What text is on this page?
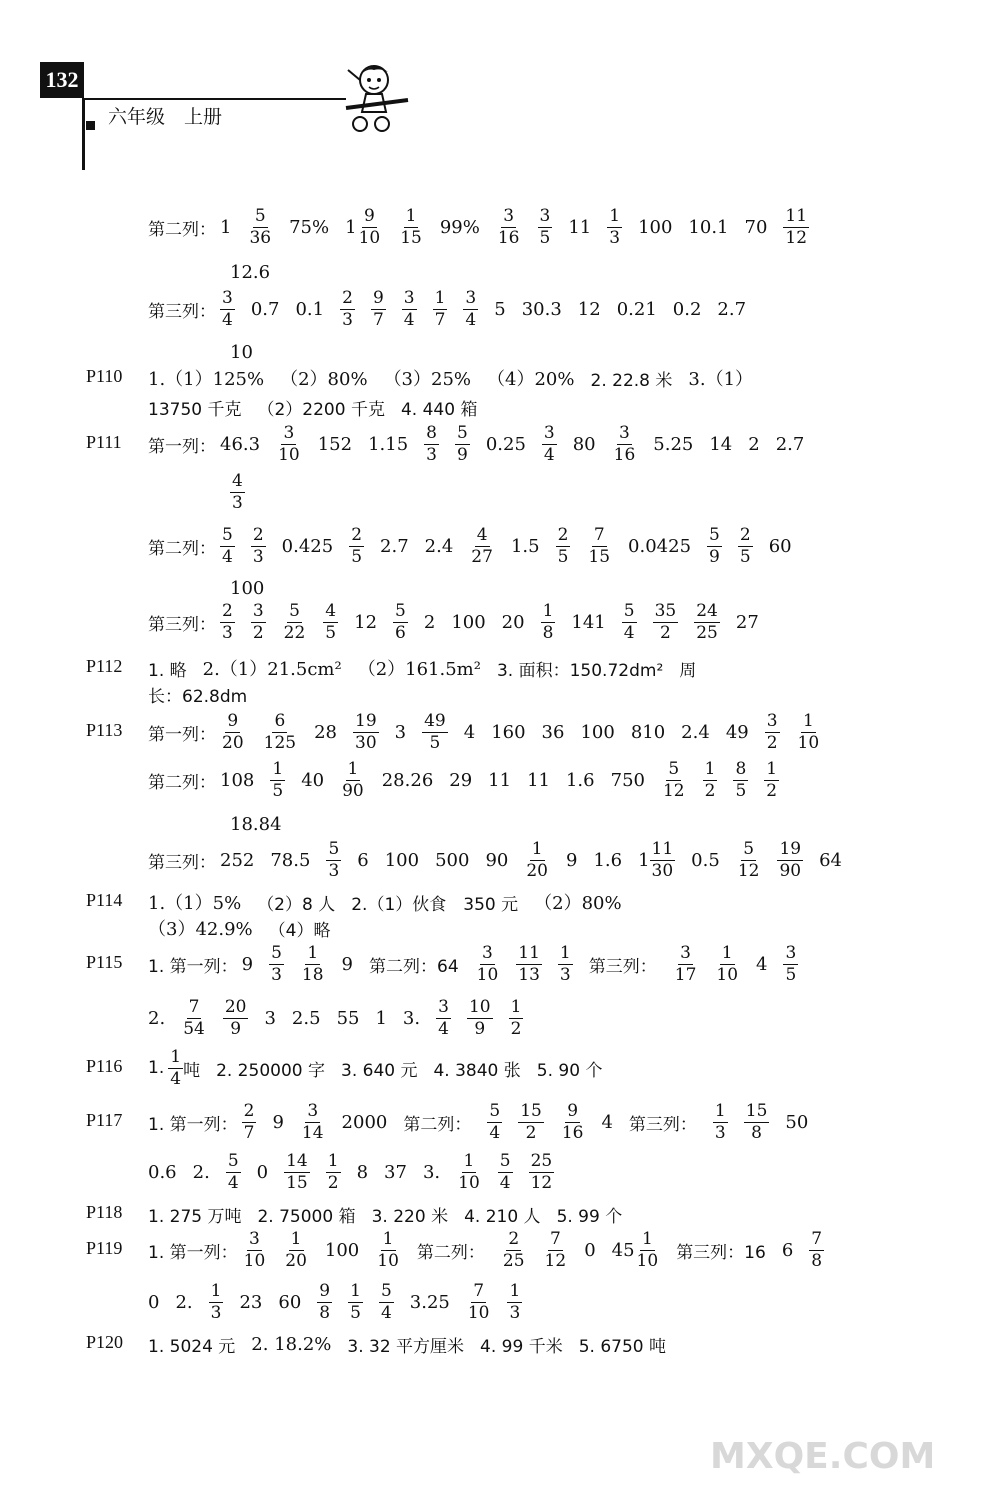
132
六年级　上册
第二列： $1 \frac{5}{36} 75\%$ $1 \frac{9}{10} \frac{1}{15} 99\% \frac{3}{16} \frac{3}{5} 11 \frac{1}{3} 100$ 10.1 $70 \frac{11}{12}$
12.6
第三列： $\frac{3}{4} 0.7$ $0.1 \frac{2}{3} \frac{9}{7} \frac{3}{4} \frac{1}{7} \frac{3}{4} 5$ 30.3 12 0.21 0.2 2.7
10
P110 1.（1）125% （2）80% （3）25% （4）20% 2. 22.8 米 3.（1）
13750 千克 （2）2200 千克 4. 440 箱
P111 第一列： $46.3 \frac{3}{10} 152$ $1.15 \frac{8}{3} \frac{5}{9} 0.25 \frac{3}{4} 80 \frac{3}{16} 5.25$ 14 2 2.7
$\frac{4}{3}$
第二列： $\frac{5}{4} \frac{2}{3} 0.425 \frac{2}{5} 2.7$ $2.4 \frac{4}{27} 1.5 \frac{2}{5} \frac{7}{15} 0.0425 \frac{5}{9} \frac{2}{5} 60$
100
第三列： $\frac{2}{3} \frac{3}{2} \frac{5}{22} \frac{4}{5} 12 \frac{5}{6} 2$ 100 $20 \frac{1}{8} 141 \frac{5}{4} \frac{35}{2} \frac{24}{25} 27$
P112 1. 略 2.（1）21.5cm² （2）161.5m² 3. 面积：150.72dm² 周
长：62.8dm
P113 第一列： $\frac{9}{20} \frac{6}{125} 28 \frac{19}{30} 3 \frac{49}{5} 4$ 160 36 100 810 2.4 $49 \frac{3}{2} \frac{1}{10}$
第二列： $108 \frac{1}{5} 40 \frac{1}{90} 28.26$ 29 11 11 1.6 $750 \frac{5}{12} \frac{1}{2} \frac{8}{5} \frac{1}{2}$
18.84
第三列： 252 $78.5 \frac{5}{3} 6$ 100 500 $90 \frac{1}{20} 9$ 1.6 $1 \frac{11}{30} 0.5 \frac{5}{12} \frac{19}{90} 64$
P114 1.（1）5% （2）8 人 2.（1）伙食　350 元 （2）80%
（3）42.9% （4）略
P115 1. 第一列： $9 \frac{5}{3} \frac{1}{18} 9$ 第二列：$64 \frac{3}{10} \frac{11}{13} \frac{1}{3}$ 第三列： $\frac{3}{17} \frac{1}{10} 4 \frac{3}{5}$
2. $\frac{7}{54} \frac{20}{9} 3$ 2.5 55 1 3. $\frac{3}{4} \frac{10}{9} \frac{1}{2}$
P116 1. $\frac{1}{4}$ 吨 2. 250000 字 3. 640 元 4. 3840 张 5. 90 个
P117 1. 第一列： $\frac{2}{7} 9 \frac{3}{14} 2000$ 第二列： $\frac{5}{4} \frac{15}{2} \frac{9}{16} 4$ 第三列： $\frac{1}{3} \frac{15}{8} 50$
0.6 2. $\frac{5}{4} 0 \frac{14}{15} \frac{1}{2} 8$ 37 3. $\frac{1}{10} \frac{5}{4} \frac{25}{12}$
P118 1. 275 万吨 2. 75000 箱 3. 220 米 4. 210 人 5. 99 个
P119 1. 第一列： $\frac{3}{10} \frac{1}{20} 100 \frac{1}{10}$ 第二列： $\frac{2}{25} \frac{7}{12} 0$ $45 \frac{1}{10}$ 第三列：16 $6 \frac{7}{8}$
0 2. $\frac{1}{3} 23$ $60 \frac{9}{8} \frac{1}{5} \frac{5}{4} 3.25 \frac{7}{10} \frac{1}{3}$
P120 1. 5024 元 2. 18.2% 3. 32 平方厘米 4. 99 千米 5. 6750 吨
MXQE.COM
